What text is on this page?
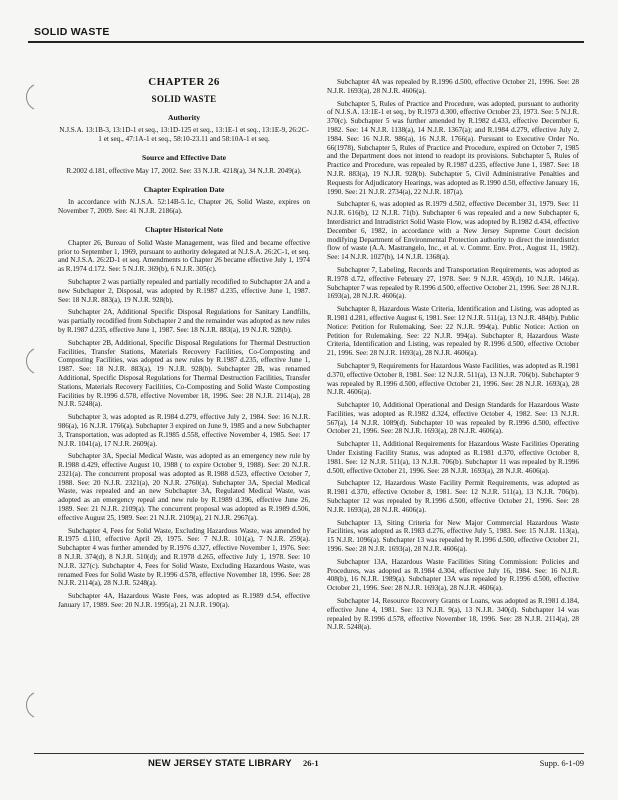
SOLID WASTE
CHAPTER 26
SOLID WASTE
Authority

N.J.S.A. 13:1B-3, 13:1D-1 et seq., 13:1D-125 et seq., 13:1E-1 et seq., 13:1E-9, 26:2C-1 et seq., 47:1A-1 et seq., 58:10-23.11 and 58:10A-1 et seq.

Source and Effective Date

R.2002 d.181, effective May 17, 2002. See: 33 N.J.R. 4218(a), 34 N.J.R. 2049(a).

Chapter Expiration Date

In accordance with N.J.S.A. 52:14B-5.1c, Chapter 26, Solid Waste, expires on November 7, 2009. See: 41 N.J.R. 2186(a).

Chapter Historical Note

Chapter 26, Bureau of Solid Waste Management, was filed and became effective prior to September 1, 1969, pursuant to authority delegated at N.J.S.A. 26:2C-1, et seq. and N.J.S.A. 26:2D-1 et seq. Amendments to Chapter 26 became effective July 1, 1974 as R.1974 d.172. See: 5 N.J.R. 369(b), 6 N.J.R. 305(c).

Subchapter 2 was partially repealed and partially recodified to Subchapter 2A and a new Subchapter 2, Disposal, was adopted by R.1987 d.235, effective June 1, 1987. See: 18 N.J.R. 883(a), 19 N.J.R. 928(b).

Subchapter 2A, Additional Specific Disposal Regulations for Sanitary Landfills, was partially recodified from Subchapter 2 and the remainder was adopted as new rules by R.1987 d.235, effective June 1, 1987. See: 18 N.J.R. 883(a), 19 N.J.R. 928(b).

Subchapter 2B, Additional, Specific Disposal Regulations for Thermal Destruction Facilities, Transfer Stations, Materials Recovery Facilities, Co-Composting and Composting Facilities, was adopted as new rules by R.1987 d.235, effective June 1, 1987. See: 18 N.J.R. 883(a), 19 N.J.R. 928(b). Subchapter 2B, was renamed Additional, Specific Disposal Regulations for Thermal Destruction Facilities, Transfer Stations, Materials Recovery Facilities, Co-Composting and Solid Waste Composting Facilities by R.1996 d.578, effective November 18, 1996. See: 28 N.J.R. 2114(a), 28 N.J.R. 5248(a).

Subchapter 3, was adopted as R.1984 d.279, effective July 2, 1984. See: 16 N.J.R. 986(a), 16 N.J.R. 1766(a). Subchapter 3 expired on June 9, 1985 and a new Subchapter 3, Transportation, was adopted as R.1985 d.558, effective November 4, 1985. See: 17 N.J.R. 1041(a), 17 N.J.R. 2609(a).

Subchapter 3A, Special Medical Waste, was adopted as an emergency new rule by R.1988 d.429, effective August 10, 1988 ( to expire October 9, 1988). See: 20 N.J.R. 2321(a). The concurrent proposal was adopted as R.1988 d.523, effective October 7, 1988. See: 20 N.J.R. 2321(a), 20 N.J.R. 2760(a). Subchapter 3A, Special Medical Waste, was repealed and an new Subchapter 3A, Regulated Medical Waste, was adopted as an emergency repeal and new rule by R.1989 d.396, effective June 26, 1989. See: 21 N.J.R. 2109(a). The concurrent proposal was adopted as R.1989 d.506, effective August 25, 1989. See: 21 N.J.R. 2109(a), 21 N.J.R. 2967(a).

Subchapter 4, Fees for Solid Waste, Excluding Hazardous Waste, was amended by R.1975 d.110, effective April 29, 1975. See: 7 N.J.R. 101(a), 7 N.J.R. 259(a). Subchapter 4 was further amended by R.1976 d.327, effective November 1, 1976. See: 8 N.J.R. 374(d), 8 N.J.R. 510(d); and R.1978 d.265, effective July 1, 1978. See: 10 N.J.R. 327(c). Subchapter 4, Fees for Solid Waste, Excluding Hazardous Waste, was renamed Fees for Solid Waste by R.1996 d.578, effective November 18, 1996. See: 28 N.J.R. 2114(a), 28 N.J.R. 5248(a).

Subchapter 4A, Hazardous Waste Fees, was adopted as R.1989 d.54, effective January 17, 1989. See: 20 N.J.R. 1995(a), 21 N.J.R. 190(a).

Subchapter 4A was repealed by R.1996 d.500, effective October 21, 1996. See: 28 N.J.R. 1693(a), 28 N.J.R. 4606(a).

Subchapter 5, Rules of Practice and Procedure, was adopted, pursuant to authority of N.J.S.A. 13:1E-1 et seq., by R.1973 d.300, effective October 23, 1973. See: 5 N.J.R. 370(c). Subchapter 5 was further amended by R.1982 d.433, effective December 6, 1982. See: 14 N.J.R. 1138(a), 14 N.J.R. 1367(a); and R.1984 d.279, effective July 2, 1984. See: 16 N.J.R. 986(a), 16 N.J.R. 1766(a). Pursuant to Executive Order No. 66(1978), Subchapter 5, Rules of Practice and Procedure, expired on October 7, 1985 and the Department does not intend to readopt its provisions. Subchapter 5, Rules of Practice and Procedure, was repealed by R.1987 d.235, effective June 1, 1987. See: 18 N.J.R. 883(a), 19 N.J.R. 928(b). Subchapter 5, Civil Administrative Penalties and Requests for Adjudicatory Hearings, was adopted as R.1990 d.50, effective January 16, 1990. See: 21 N.J.R. 2734(a), 22 N.J.R. 187(a).

Subchapter 6, was adopted as R.1979 d.502, effective December 31, 1979. See: 11 N.J.R. 616(b), 12 N.J.R. 71(b). Subchapter 6 was repealed and a new Subchapter 6, Interdistrict and Intradistrict Solid Waste Flow, was adopted by R.1982 d.434, effective December 6, 1982, in accordance with a New Jersey Supreme Court decision modifying Department of Environmental Protection authority to direct the interdistrict flow of waste (A.A. Mastrangelo, Inc., et al. v. Commr. Env. Prot., August 11, 1982). See: 14 N.J.R. 1027(b), 14 N.J.R. 1368(a).

Subchapter 7, Labeling, Records and Transportation Requirements, was adopted as R.1978 d.72, effective February 27, 1978. See: 9 N.J.R. 459(d), 10 N.J.R. 146(a). Subchapter 7 was repealed by R.1996 d.500, effective October 21, 1996. See: 28 N.J.R. 1693(a), 28 N.J.R. 4606(a).

Subchapter 8, Hazardous Waste Criteria, Identification and Listing, was adopted as R.1981 d.281, effective August 6, 1981. See: 12 N.J.R. 511(a), 13 N.J.R. 484(b). Public Notice: Petition for Rulemaking. See: 22 N.J.R. 994(a). Public Notice: Action on Petition for Rulemaking. See: 22 N.J.R. 994(a). Subchapter 8, Hazardous Waste Criteria, Identification and Listing, was repealed by R.1996 d.500, effective October 21, 1996. See: 28 N.J.R. 1693(a), 28 N.J.R. 4606(a).

Subchapter 9, Requirements for Hazardous Waste Facilities, was adopted as R.1981 d.370, effective October 8, 1981. See: 12 N.J.R. 511(a), 13 N.J.R. 706(b). Subchapter 9 was repealed by R.1996 d.500, effective October 21, 1996. See: 28 N.J.R. 1693(a), 28 N.J.R. 4606(a).

Subchapter 10, Additional Operational and Design Standards for Hazardous Waste Facilities, was adopted as R.1982 d.324, effective October 4, 1982. See: 13 N.J.R. 567(a), 14 N.J.R. 1089(d). Subchapter 10 was repealed by R.1996 d.500, effective October 21, 1996. See: 28 N.J.R. 1693(a), 28 N.J.R. 4606(a).

Subchapter 11, Additional Requirements for Hazardous Waste Facilities Operating Under Existing Facility Status, was adopted as R.1981 d.370, effective October 8, 1981. See: 12 N.J.R. 511(a), 13 N.J.R. 706(b). Subchapter 11 was repealed by R.1996 d.500, effective October 21, 1996. See: 28 N.J.R. 1693(a), 28 N.J.R. 4606(a).

Subchapter 12, Hazardous Waste Facility Permit Requirements, was adopted as R.1981 d.370, effective October 8, 1981. See: 12 N.J.R. 511(a), 13 N.J.R. 706(b). Subchapter 12 was repealed by R.1996 d.500, effective October 21, 1996. See: 28 N.J.R. 1693(a), 28 N.J.R. 4606(a).

Subchapter 13, Siting Criteria for New Major Commercial Hazardous Waste Facilities, was adopted as R.1983 d.276, effective July 5, 1983. See: 15 N.J.R. 113(a), 15 N.J.R. 1096(a). Subchapter 13 was repealed by R.1996 d.500, effective October 21, 1996. See: 28 N.J.R. 1693(a), 28 N.J.R. 4606(a).

Subchapter 13A, Hazardous Waste Facilities Siting Commission: Policies and Procedures, was adopted as R.1984 d.304, effective July 16, 1984. See: 16 N.J.R. 408(b), 16 N.J.R. 1989(a). Subchapter 13A was repealed by R.1996 d.500, effective October 21, 1996. See: 28 N.J.R. 1693(a), 28 N.J.R. 4606(a).

Subchapter 14, Resource Recovery Grants or Loans, was adopted as R.1981 d.184, effective June 4, 1981. See: 13 N.J.R. 9(a), 13 N.J.R. 340(d). Subchapter 14 was repealed by R.1996 d.578, effective November 18, 1996. See: 28 N.J.R. 2114(a), 28 N.J.R. 5248(a).

NEW JERSEY STATE LIBRARY 26-1	Supp. 6-1-09
